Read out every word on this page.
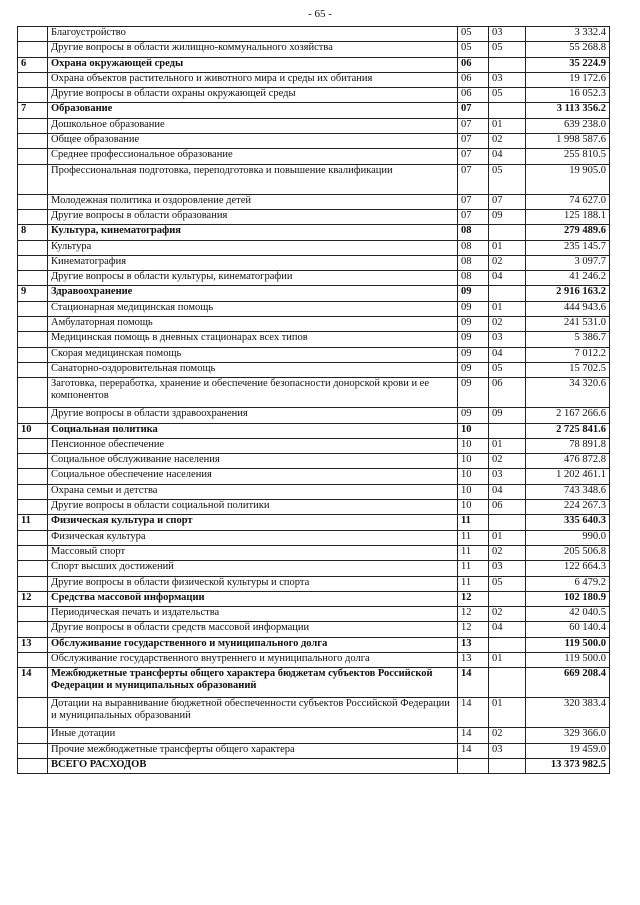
- 65 -
	Благоустройство	05	03	3 332.4
	Другие вопросы в области жилищно-коммунального хозяйства	05	05	55 268.8
6	Охрана окружающей среды	06		35 224.9
	Охрана объектов растительного и животного мира и среды их обитания	06	03	19 172.6
	Другие вопросы в области охраны окружающей среды	06	05	16 052.3
7	Образование	07		3 113 356.2
	Дошкольное образование	07	01	639 238.0
	Общее образование	07	02	1 998 587.6
	Среднее профессиональное образование	07	04	255 810.5
	Профессиональная подготовка, переподготовка и повышение квалификации	07	05	19 905.0
	Молодежная политика и оздоровление детей	07	07	74 627.0
	Другие вопросы в области образования	07	09	125 188.1
8	Культура, кинематография	08		279 489.6
	Культура	08	01	235 145.7
	Кинематография	08	02	3 097.7
	Другие вопросы в области культуры, кинематографии	08	04	41 246.2
9	Здравоохранение	09		2 916 163.2
	Стационарная медицинская помощь	09	01	444 943.6
	Амбулаторная помощь	09	02	241 531.0
	Медицинская помощь в дневных стационарах всех типов	09	03	5 386.7
	Скорая медицинская помощь	09	04	7 012.2
	Санаторно-оздоровительная помощь	09	05	15 702.5
	Заготовка, переработка, хранение и обеспечение безопасности донорской крови и ее компонентов	09	06	34 320.6
	Другие вопросы в области здравоохранения	09	09	2 167 266.6
10	Социальная политика	10		2 725 841.6
	Пенсионное обеспечение	10	01	78 891.8
	Социальное обслуживание населения	10	02	476 872.8
	Социальное обеспечение населения	10	03	1 202 461.1
	Охрана семьи и детства	10	04	743 348.6
	Другие вопросы в области социальной политики	10	06	224 267.3
11	Физическая культура и спорт	11		335 640.3
	Физическая культура	11	01	990.0
	Массовый спорт	11	02	205 506.8
	Спорт высших достижений	11	03	122 664.3
	Другие вопросы в области физической культуры и спорта	11	05	6 479.2
12	Средства массовой информации	12		102 180.9
	Периодическая печать и издательства	12	02	42 040.5
	Другие вопросы в области средств массовой информации	12	04	60 140.4
13	Обслуживание государственного и муниципального долга	13		119 500.0
	Обслуживание государственного внутреннего и муниципального долга	13	01	119 500.0
14	Межбюджетные трансферты общего характера бюджетам субъектов Российской Федерации и муниципальных образований	14		669 208.4
	Дотации на выравнивание бюджетной обеспеченности субъектов Российской Федерации и муниципальных образований	14	01	320 383.4
	Иные дотации	14	02	329 366.0
	Прочие межбюджетные трансферты общего характера	14	03	19 459.0
	ВСЕГО РАСХОДОВ			13 373 982.5
